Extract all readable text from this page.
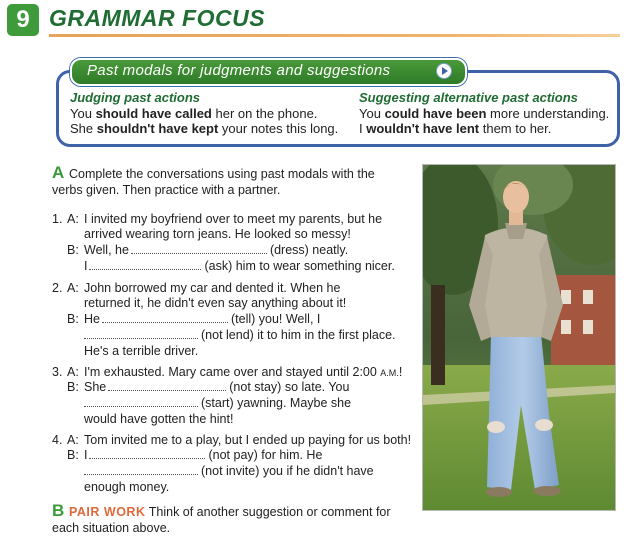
9 GRAMMAR FOCUS
Past modals for judgments and suggestions
Judging past actions
You should have called her on the phone.
She shouldn't have kept your notes this long.
Suggesting alternative past actions
You could have been more understanding.
I wouldn't have lent them to her.
A Complete the conversations using past modals with the
verbs given. Then practice with a partner.
1. A: I invited my boyfriend over to meet my parents, but he
arrived wearing torn jeans. He looked so messy!
B: Well, he	(dress) neatly.
I	(ask) him to wear something nicer.
2. A: John borrowed my car and dented it. When he
returned it, he didn't even say anything about it!
B: He	(tell) you! Well, I
(not lend) it to him in the first place.
He's a terrible driver.
3. A: I'm exhausted. Mary came over and stayed until 2:00 A.M.!
B: She	(not stay) so late. You
(start) yawning. Maybe she
would have gotten the hint!
4. A: Tom invited me to a play, but I ended up paying for us both!
B: I	(not pay) for him. He
(not invite) you if he didn't have
enough money.
B PAIR WORK Think of another suggestion or comment for
each situation above.
